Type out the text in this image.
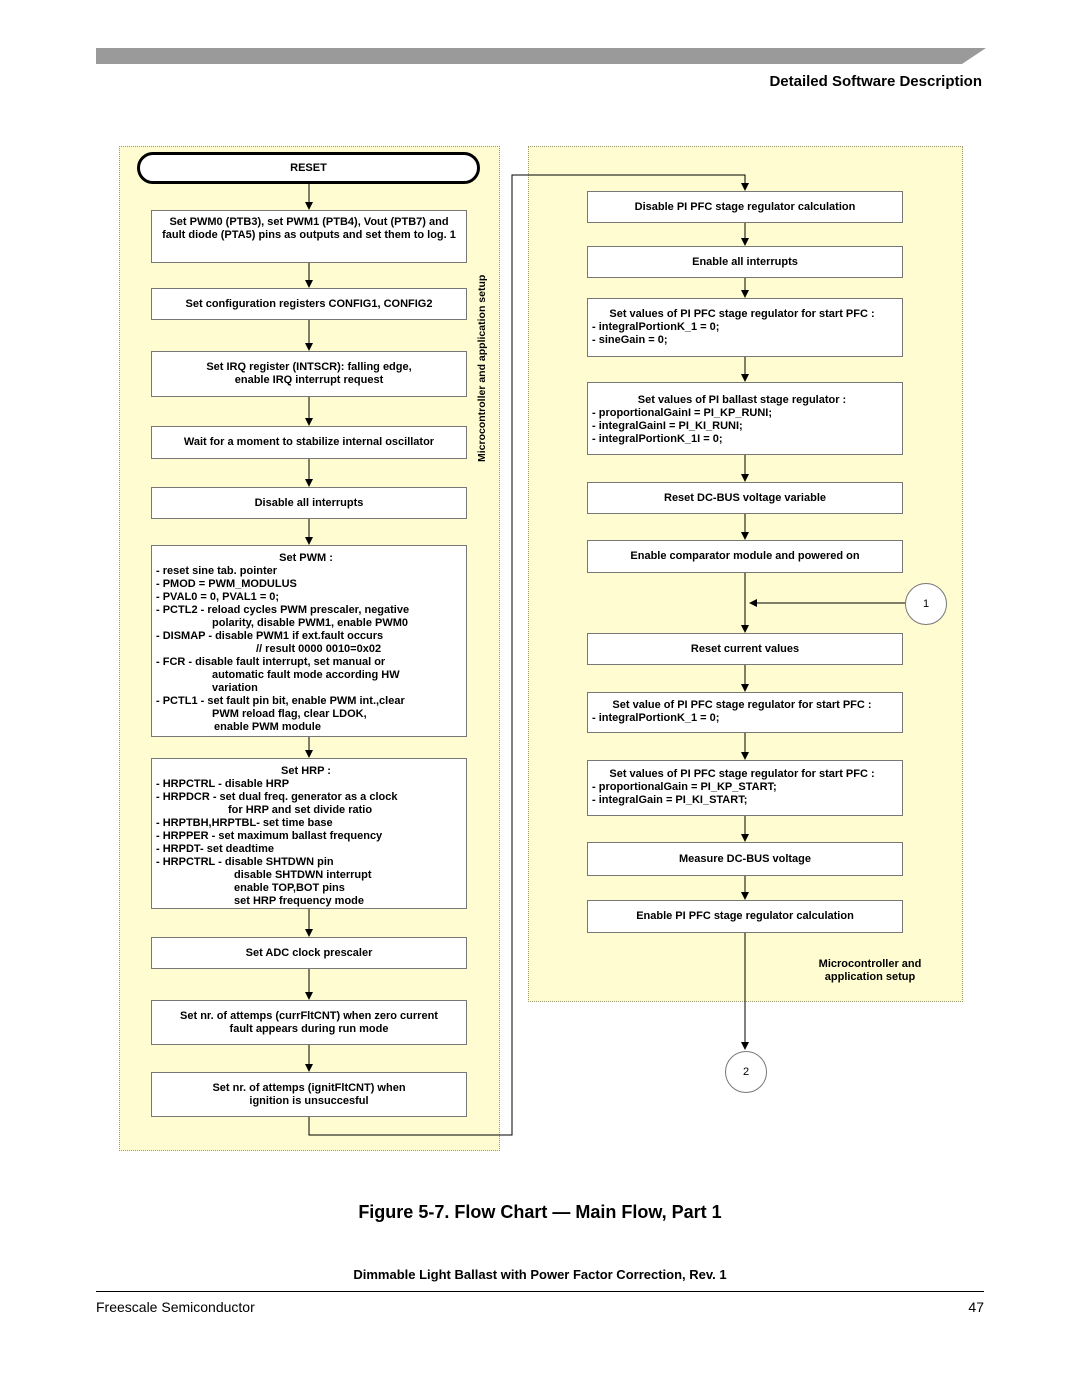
Detailed Software Description
RESET
Set PWM0 (PTB3), set PWM1 (PTB4), Vout (PTB7) and fault diode (PTA5) pins as outputs and set them to log. 1
Set configuration registers CONFIG1, CONFIG2
Set IRQ register (INTSCR): falling edge, enable IRQ interrupt request
Wait for a moment to stabilize internal oscillator
Disable all interrupts
Set PWM :
- reset sine tab. pointer
- PMOD = PWM_MODULUS
- PVAL0 = 0, PVAL1 = 0;
- PCTL2 - reload cycles PWM prescaler, negative
polarity, disable PWM1, enable PWM0
- DISMAP - disable PWM1 if ext.fault occurs
// result 0000 0010=0x02
- FCR - disable fault interrupt, set manual or
automatic fault mode according HW
variation
- PCTL1 - set fault pin bit, enable PWM int.,clear
PWM reload flag, clear LDOK,
enable PWM module
Set HRP :
- HRPCTRL - disable HRP
- HRPDCR - set dual freq. generator as a clock
for HRP and set divide ratio
- HRPTBH,HRPTBL- set time base
- HRPPER - set maximum ballast frequency
- HRPDT- set deadtime
- HRPCTRL - disable SHTDWN pin
disable SHTDWN interrupt
enable TOP,BOT pins
set HRP frequency mode
Set ADC clock prescaler
Set nr. of attemps (currFltCNT) when zero current fault appears during run mode
Set nr. of attemps (ignitFltCNT) when ignition is unsuccesful
Microcontroller and application setup
Disable PI PFC stage regulator calculation
Enable all interrupts
Set values of PI PFC stage regulator for start PFC :
- integralPortionK_1 = 0;
- sineGain = 0;
Set values of PI ballast stage regulator :
- proportionalGainI = PI_KP_RUNI;
- integralGainI = PI_KI_RUNI;
- integralPortionK_1I = 0;
Reset DC-BUS voltage variable
Enable comparator module and powered on
1
Reset current values
Set value of PI PFC stage regulator for start PFC :
- integralPortionK_1 = 0;
Set values of PI PFC stage regulator for start PFC :
- proportionalGain = PI_KP_START;
- integralGain = PI_KI_START;
Measure DC-BUS voltage
Enable PI PFC stage regulator calculation
Microcontroller and
application setup
2
Figure 5-7. Flow Chart — Main Flow, Part 1
Dimmable Light Ballast with Power Factor Correction, Rev. 1
Freescale Semiconductor	47
